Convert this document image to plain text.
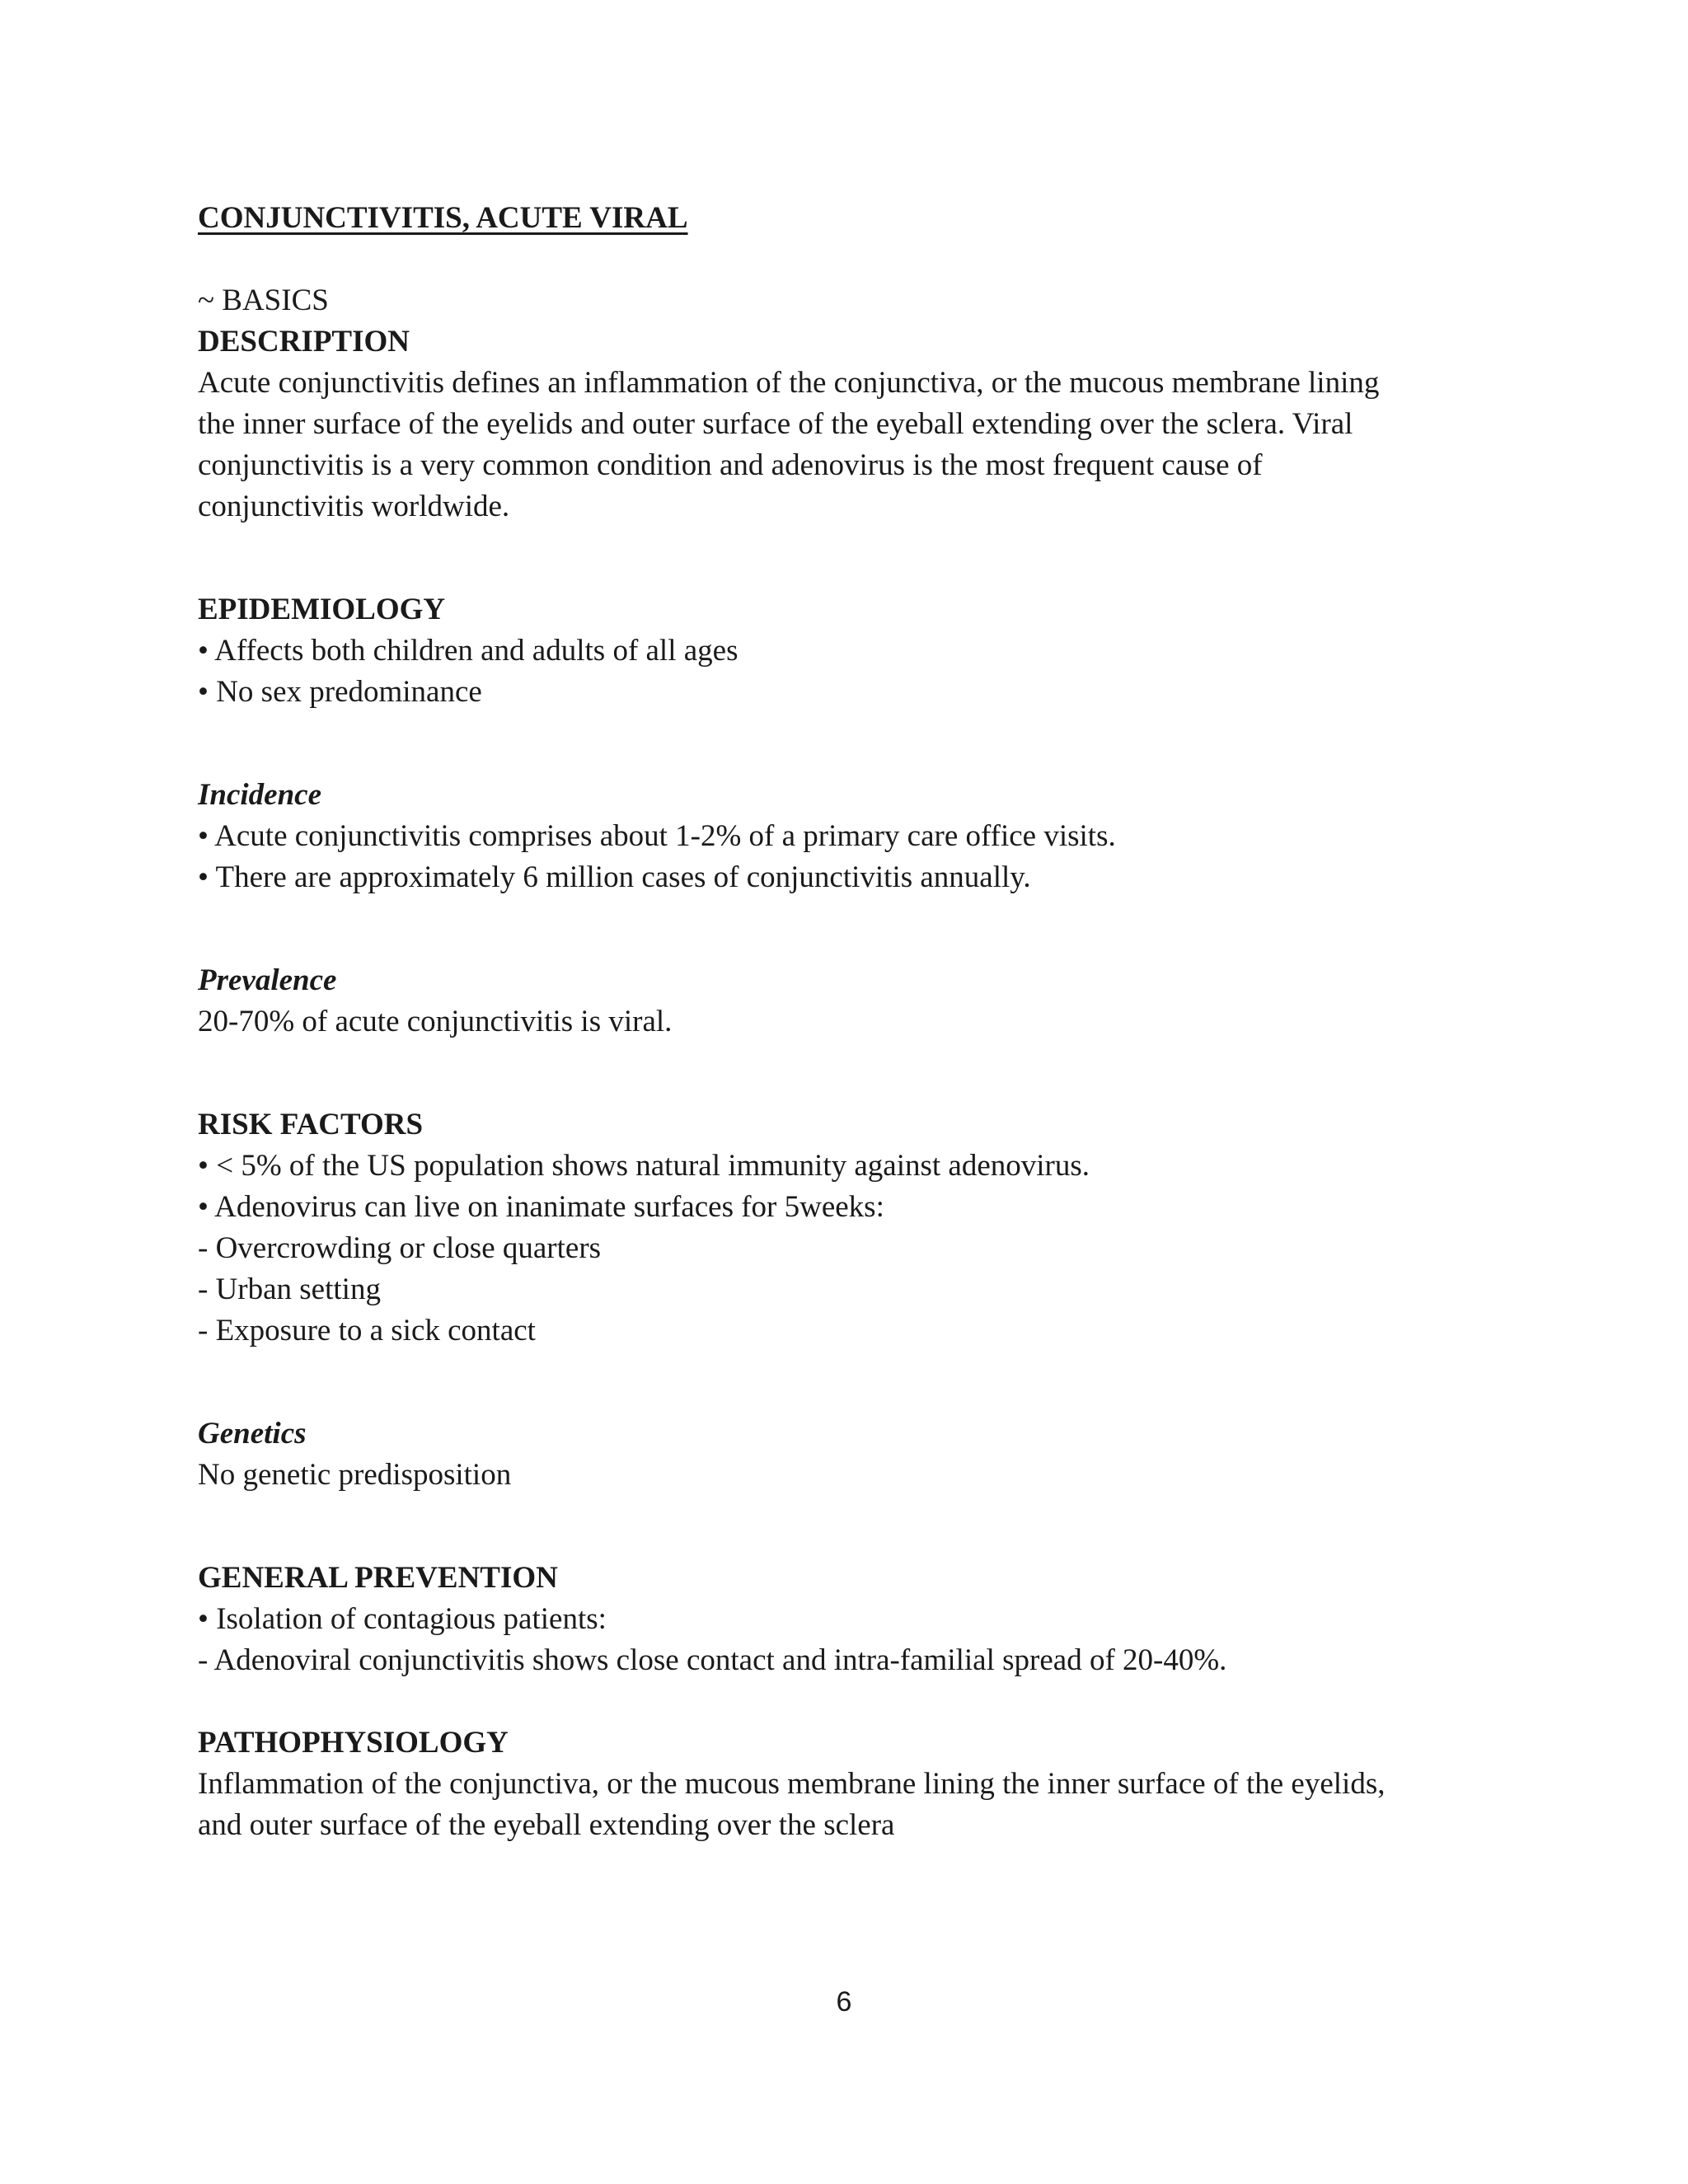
CONJUNCTIVITIS, ACUTE VIRAL

~ BASICS

DESCRIPTION

Acute conjunctivitis defines an inflammation of the conjunctiva, or the mucous membrane lining

the inner surface of the eyelids and outer surface of the eyeball extending over the sclera. Viral

conjunctivitis is a very common condition and adenovirus is the most frequent cause of

conjunctivitis worldwide.

EPIDEMIOLOGY

• Affects both children and adults of all ages

• No sex predominance

Incidence

• Acute conjunctivitis comprises about 1-2% of a primary care office visits.

• There are approximately 6 million cases of conjunctivitis annually.

Prevalence

20-70% of acute conjunctivitis is viral.

RISK FACTORS

• < 5% of the US population shows natural immunity against adenovirus.

• Adenovirus can live on inanimate surfaces for 5weeks:

- Overcrowding or close quarters

- Urban setting

- Exposure to a sick contact

Genetics

No genetic predisposition

GENERAL PREVENTION

• Isolation of contagious patients:

- Adenoviral conjunctivitis shows close contact and intra-familial spread of 20-40%.

PATHOPHYSIOLOGY

Inflammation of the conjunctiva, or the mucous membrane lining the inner surface of the eyelids,

and outer surface of the eyeball extending over the sclera

6
